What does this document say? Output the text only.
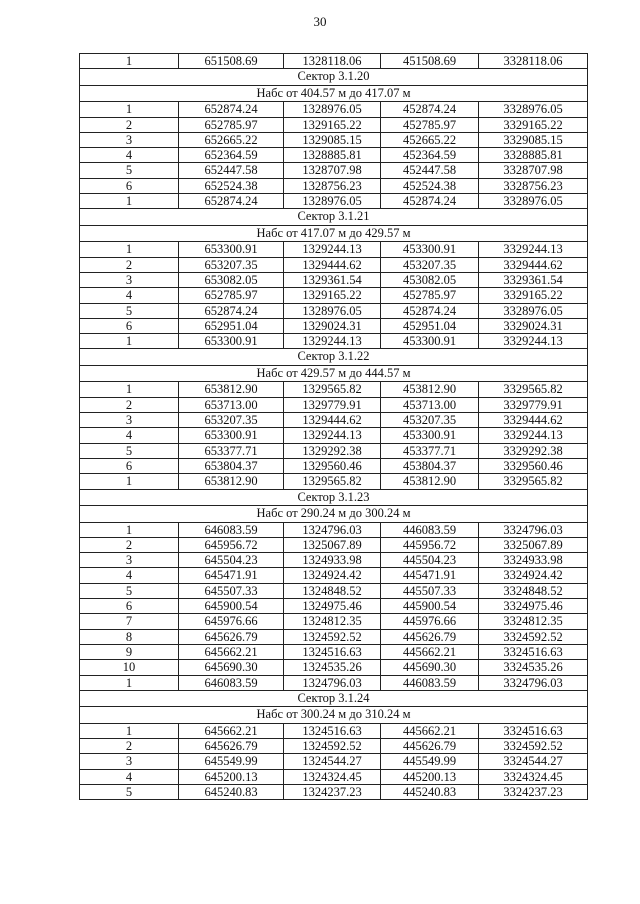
30
1	651508.69	1328118.06	451508.69	3328118.06
Сектор 3.1.20				
Набс от 404.57 м до 417.07 м				
1	652874.24	1328976.05	452874.24	3328976.05
2	652785.97	1329165.22	452785.97	3329165.22
3	652665.22	1329085.15	452665.22	3329085.15
4	652364.59	1328885.81	452364.59	3328885.81
5	652447.58	1328707.98	452447.58	3328707.98
6	652524.38	1328756.23	452524.38	3328756.23
1	652874.24	1328976.05	452874.24	3328976.05
Сектор 3.1.21				
Набс от 417.07 м до 429.57 м				
1	653300.91	1329244.13	453300.91	3329244.13
2	653207.35	1329444.62	453207.35	3329444.62
3	653082.05	1329361.54	453082.05	3329361.54
4	652785.97	1329165.22	452785.97	3329165.22
5	652874.24	1328976.05	452874.24	3328976.05
6	652951.04	1329024.31	452951.04	3329024.31
1	653300.91	1329244.13	453300.91	3329244.13
Сектор 3.1.22				
Набс от 429.57 м до 444.57 м				
1	653812.90	1329565.82	453812.90	3329565.82
2	653713.00	1329779.91	453713.00	3329779.91
3	653207.35	1329444.62	453207.35	3329444.62
4	653300.91	1329244.13	453300.91	3329244.13
5	653377.71	1329292.38	453377.71	3329292.38
6	653804.37	1329560.46	453804.37	3329560.46
1	653812.90	1329565.82	453812.90	3329565.82
Сектор 3.1.23				
Набс от 290.24 м до 300.24 м				
1	646083.59	1324796.03	446083.59	3324796.03
2	645956.72	1325067.89	445956.72	3325067.89
3	645504.23	1324933.98	445504.23	3324933.98
4	645471.91	1324924.42	445471.91	3324924.42
5	645507.33	1324848.52	445507.33	3324848.52
6	645900.54	1324975.46	445900.54	3324975.46
7	645976.66	1324812.35	445976.66	3324812.35
8	645626.79	1324592.52	445626.79	3324592.52
9	645662.21	1324516.63	445662.21	3324516.63
10	645690.30	1324535.26	445690.30	3324535.26
1	646083.59	1324796.03	446083.59	3324796.03
Сектор 3.1.24				
Набс от 300.24 м до 310.24 м				
1	645662.21	1324516.63	445662.21	3324516.63
2	645626.79	1324592.52	445626.79	3324592.52
3	645549.99	1324544.27	445549.99	3324544.27
4	645200.13	1324324.45	445200.13	3324324.45
5	645240.83	1324237.23	445240.83	3324237.23
